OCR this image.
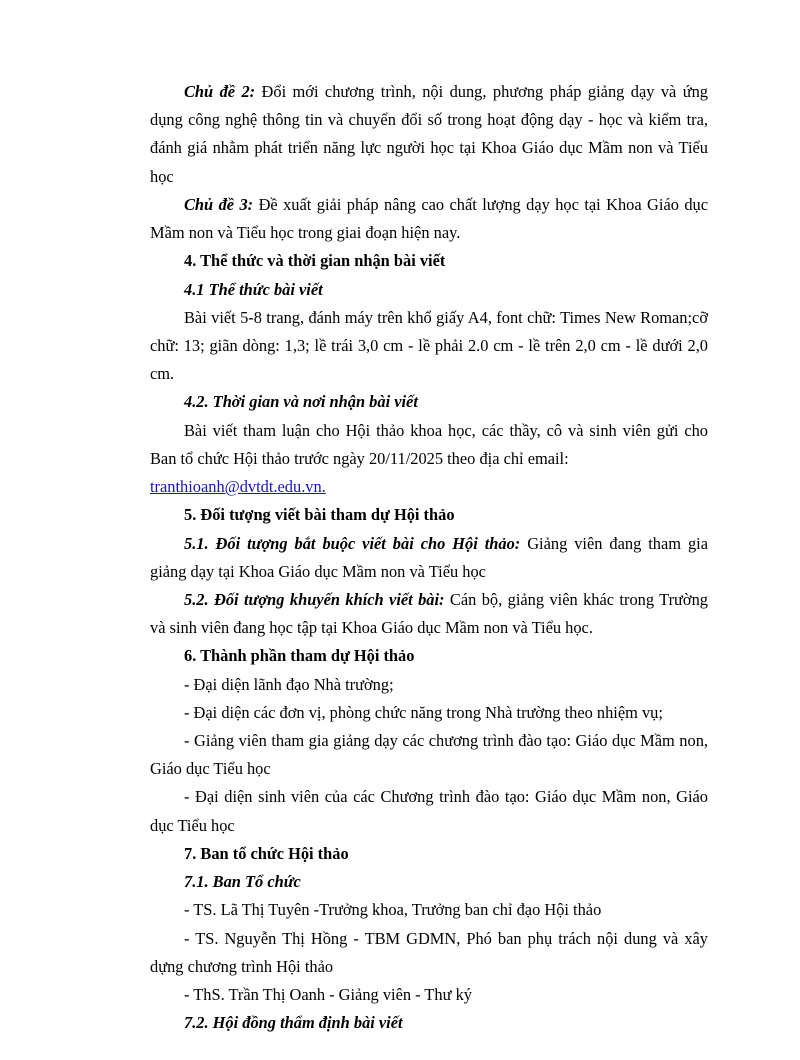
Chủ đề 2: Đổi mới chương trình, nội dung, phương pháp giảng dạy và ứng dụng công nghệ thông tin và chuyển đổi số trong hoạt động dạy - học và kiểm tra, đánh giá nhằm phát triển năng lực người học tại Khoa Giáo dục Mầm non và Tiểu học

Chủ đề 3: Đề xuất giải pháp nâng cao chất lượng dạy học tại Khoa Giáo dục Mầm non và Tiểu học trong giai đoạn hiện nay.

4. Thể thức và thời gian nhận bài viết

4.1 Thể thức bài viết

Bài viết 5-8 trang, đánh máy trên khổ giấy A4, font chữ: Times New Roman;cỡ chữ: 13; giãn dòng: 1,3; lề trái 3,0 cm - lề phải 2.0 cm - lề trên 2,0 cm - lề dưới 2,0 cm.

4.2. Thời gian và nơi nhận bài viết

Bài viết tham luận cho Hội thảo khoa học, các thầy, cô và sinh viên gửi cho Ban tổ chức Hội thảo trước ngày 20/11/2025 theo địa chỉ email:

tranthioanh@dvtdt.edu.vn.

5. Đối tượng viết bài tham dự Hội thảo

5.1. Đối tượng bắt buộc viết bài cho Hội thảo: Giảng viên đang tham gia giảng dạy tại Khoa Giáo dục Mầm non và Tiểu học

5.2. Đối tượng khuyến khích viết bài: Cán bộ, giảng viên khác trong Trường và sinh viên đang học tập tại Khoa Giáo dục Mầm non và Tiểu học.

6. Thành phần tham dự Hội thảo

- Đại diện lãnh đạo Nhà trường;

- Đại diện các đơn vị, phòng chức năng trong Nhà trường theo nhiệm vụ;

- Giảng viên tham gia giảng dạy các chương trình đào tạo: Giáo dục Mầm non, Giáo dục Tiểu học

- Đại diện sinh viên của các Chương trình đào tạo: Giáo dục Mầm non, Giáo dục Tiểu học

7. Ban tổ chức Hội thảo

7.1. Ban Tổ chức

- TS. Lã Thị Tuyên -Trưởng khoa, Trưởng ban chỉ đạo Hội thảo

- TS. Nguyễn Thị Hồng - TBM GDMN, Phó ban phụ trách nội dung và xây dựng chương trình Hội thảo

- ThS. Trần Thị Oanh - Giảng viên - Thư ký

7.2. Hội đồng thẩm định bài viết
